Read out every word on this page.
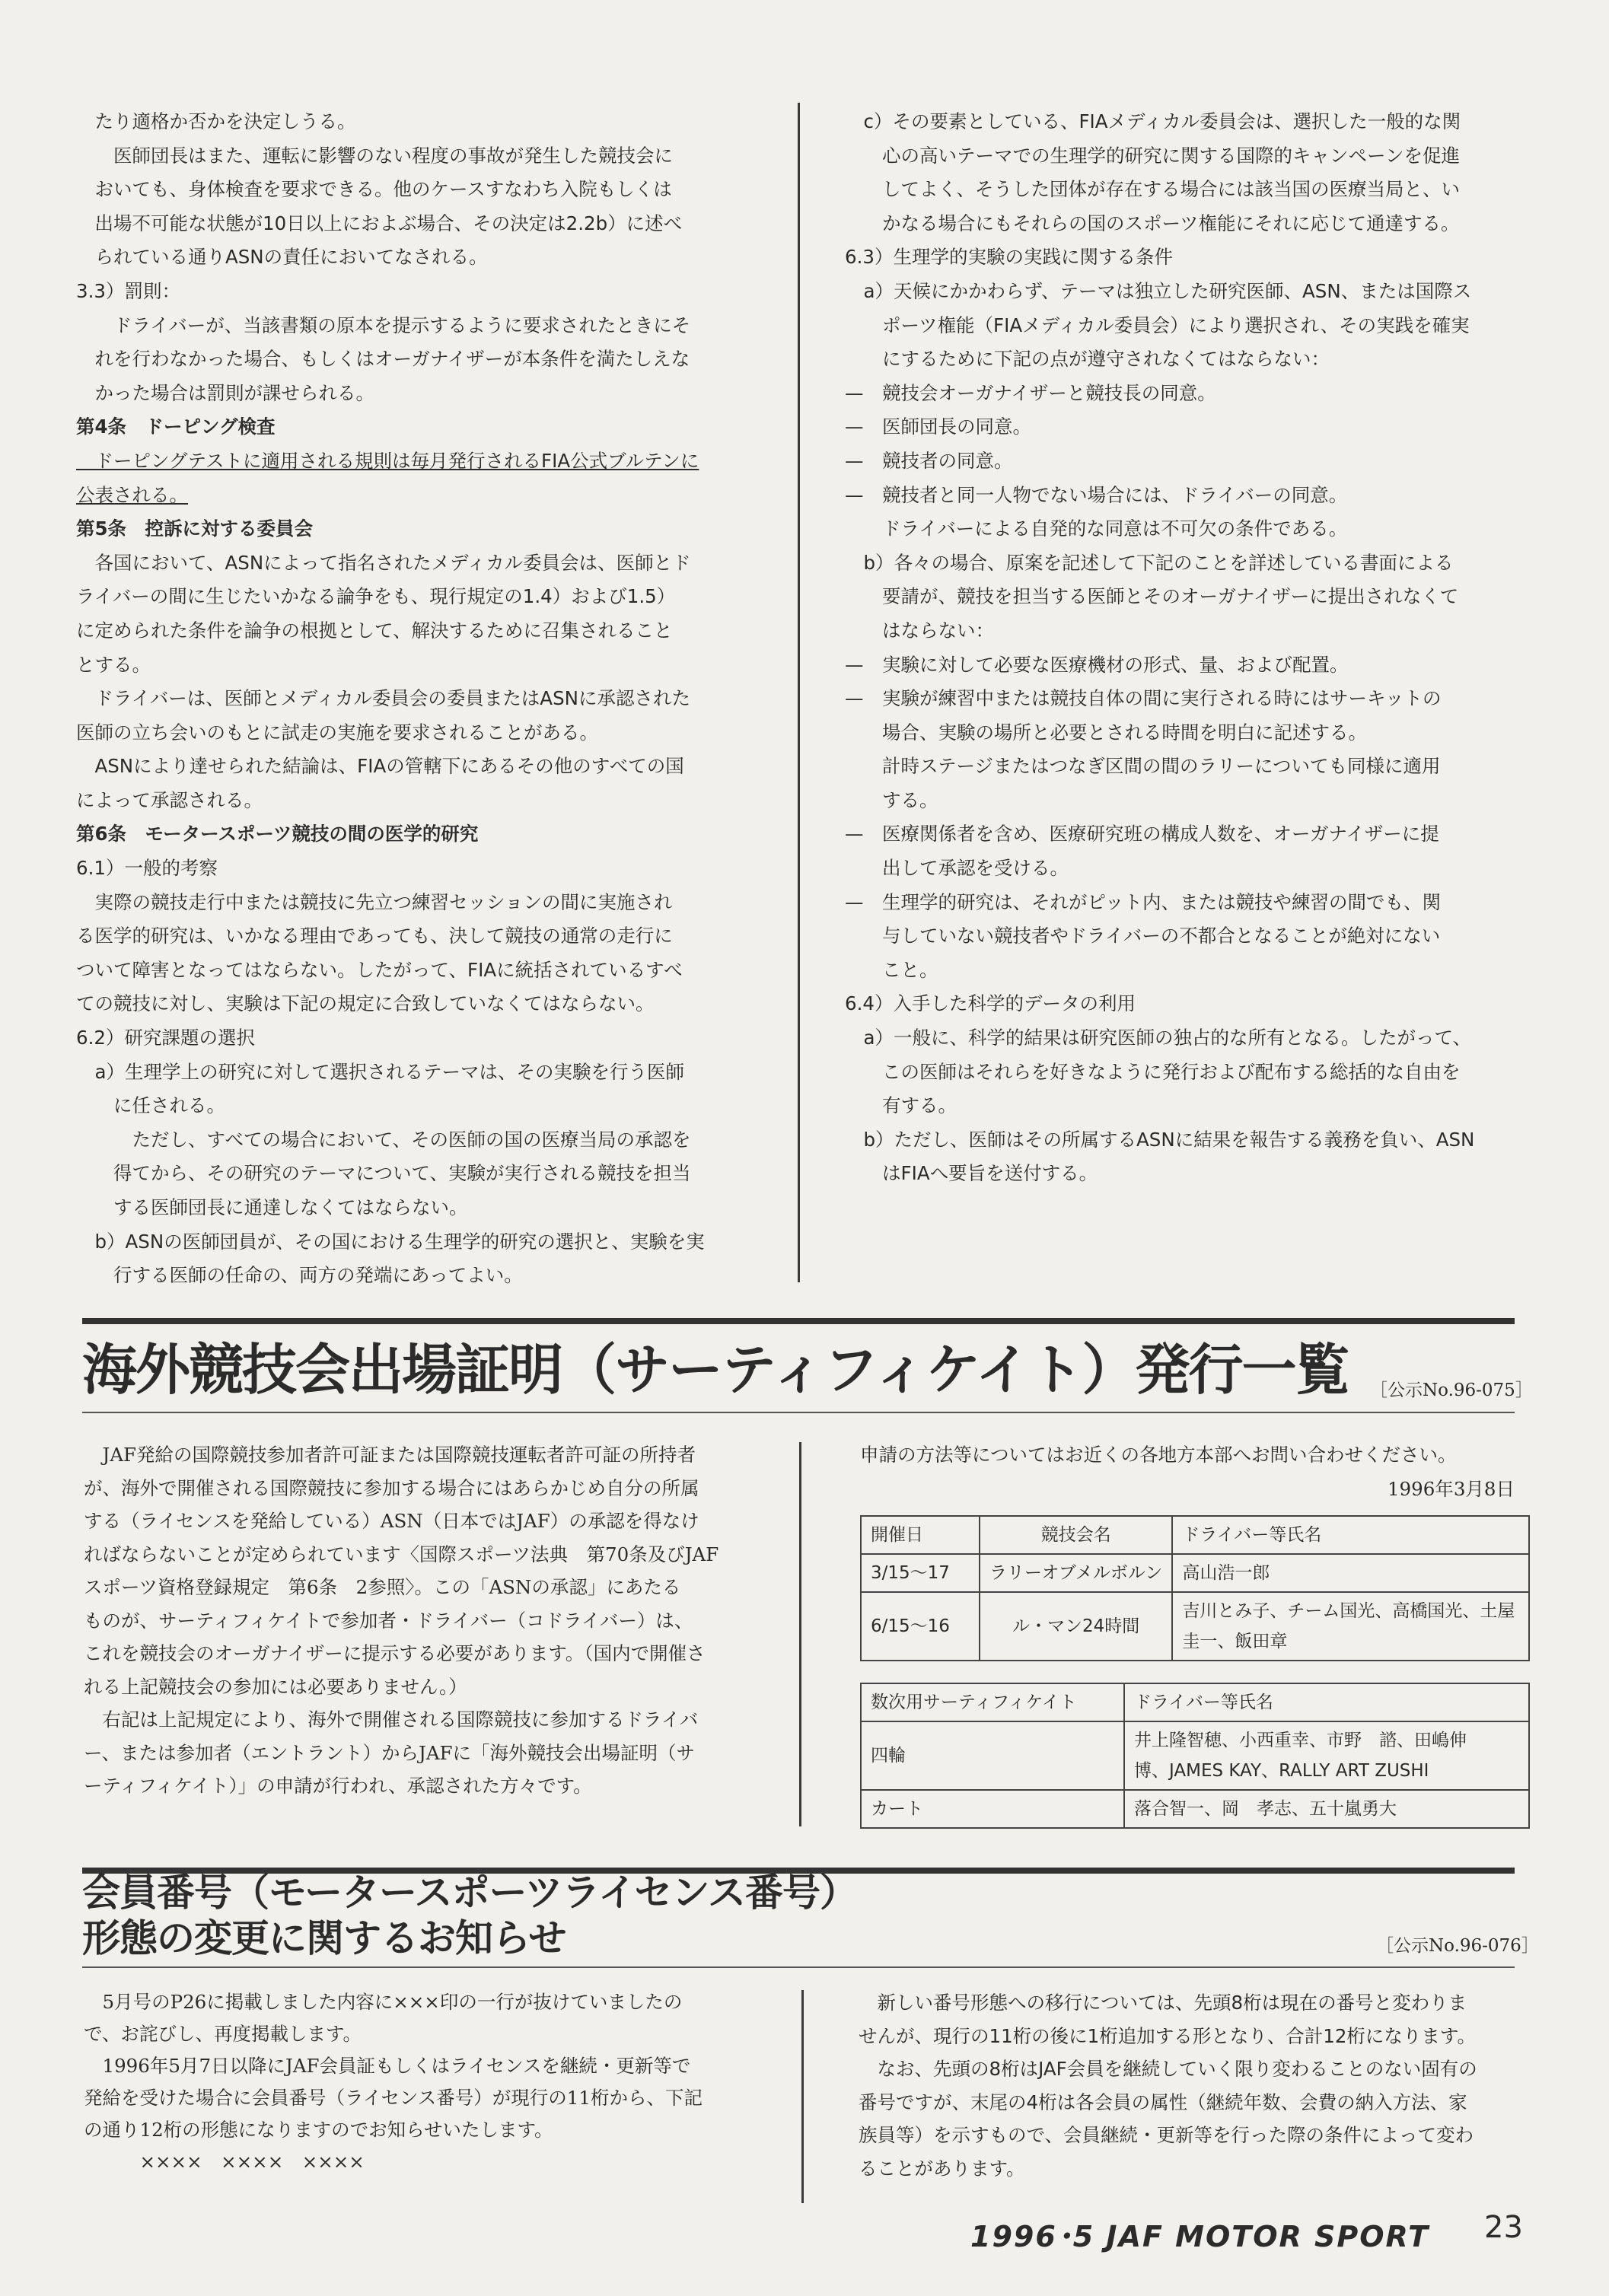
　たり適格か否かを決定しうる。

　　医師団長はまた、運転に影響のない程度の事故が発生した競技会に

　おいても、身体検査を要求できる。他のケースすなわち入院もしくは

　出場不可能な状態が10日以上におよぶ場合、その決定は2.2b）に述べ

　られている通りASNの責任においてなされる。

3.3）罰則：

　　ドライバーが、当該書類の原本を提示するように要求されたときにそ

　れを行わなかった場合、もしくはオーガナイザーが本条件を満たしえな

　かった場合は罰則が課せられる。

第4条　ドーピング検査

　ドーピングテストに適用される規則は毎月発行されるFIA公式ブルテンに

公表される。

第5条　控訴に対する委員会

　各国において、ASNによって指名されたメディカル委員会は、医師とド

ライバーの間に生じたいかなる論争をも、現行規定の1.4）および1.5）

に定められた条件を論争の根拠として、解決するために召集されること

とする。

　ドライバーは、医師とメディカル委員会の委員またはASNに承認された

医師の立ち会いのもとに試走の実施を要求されることがある。

　ASNにより達せられた結論は、FIAの管轄下にあるその他のすべての国

によって承認される。

第6条　モータースポーツ競技の間の医学的研究

6.1）一般的考察

　実際の競技走行中または競技に先立つ練習セッションの間に実施され

る医学的研究は、いかなる理由であっても、決して競技の通常の走行に

ついて障害となってはならない。したがって、FIAに統括されているすべ

ての競技に対し、実験は下記の規定に合致していなくてはならない。

6.2）研究課題の選択

　a）生理学上の研究に対して選択されるテーマは、その実験を行う医師

　　に任される。

　　　ただし、すべての場合において、その医師の国の医療当局の承認を

　　得てから、その研究のテーマについて、実験が実行される競技を担当

　　する医師団長に通達しなくてはならない。

　b）ASNの医師団員が、その国における生理学的研究の選択と、実験を実

　　行する医師の任命の、両方の発端にあってよい。

　c）その要素としている、FIAメディカル委員会は、選択した一般的な関

　　心の高いテーマでの生理学的研究に関する国際的キャンペーンを促進

　　してよく、そうした団体が存在する場合には該当国の医療当局と、い

　　かなる場合にもそれらの国のスポーツ権能にそれに応じて通達する。

6.3）生理学的実験の実践に関する条件

　a）天候にかかわらず、テーマは独立した研究医師、ASN、または国際ス

　　ポーツ権能（FIAメディカル委員会）により選択され、その実践を確実

　　にするために下記の点が遵守されなくてはならない：

—　競技会オーガナイザーと競技長の同意。

—　医師団長の同意。

—　競技者の同意。

—　競技者と同一人物でない場合には、ドライバーの同意。

　　ドライバーによる自発的な同意は不可欠の条件である。

　b）各々の場合、原案を記述して下記のことを詳述している書面による

　　要請が、競技を担当する医師とそのオーガナイザーに提出されなくて

　　はならない：

—　実験に対して必要な医療機材の形式、量、および配置。

—　実験が練習中または競技自体の間に実行される時にはサーキットの

　　場合、実験の場所と必要とされる時間を明白に記述する。

　　計時ステージまたはつなぎ区間の間のラリーについても同様に適用

　　する。

—　医療関係者を含め、医療研究班の構成人数を、オーガナイザーに提

　　出して承認を受ける。

—　生理学的研究は、それがピット内、または競技や練習の間でも、関

　　与していない競技者やドライバーの不都合となることが絶対にない

　　こと。

6.4）入手した科学的データの利用

　a）一般に、科学的結果は研究医師の独占的な所有となる。したがって、

　　この医師はそれらを好きなように発行および配布する総括的な自由を

　　有する。

　b）ただし、医師はその所属するASNに結果を報告する義務を負い、ASN

　　はFIAへ要旨を送付する。

海外競技会出場証明（サーティフィケイト）発行一覧 ［公示No.96-075］

　JAF発給の国際競技参加者許可証または国際競技運転者許可証の所持者

が、海外で開催される国際競技に参加する場合にはあらかじめ自分の所属

する（ライセンスを発給している）ASN（日本ではJAF）の承認を得なけ

ればならないことが定められています〈国際スポーツ法典　第70条及びJAF

スポーツ資格登録規定　第6条　2参照〉。この「ASNの承認」にあたる

ものが、サーティフィケイトで参加者・ドライバー（コドライバー）は、

これを競技会のオーガナイザーに提示する必要があります。（国内で開催さ

れる上記競技会の参加には必要ありません。）

　右記は上記規定により、海外で開催される国際競技に参加するドライバ

ー、または参加者（エントラント）からJAFに「海外競技会出場証明（サ

ーティフィケイト）」の申請が行われ、承認された方々です。

申請の方法等についてはお近くの各地方本部へお問い合わせください。

1996年3月8日

開催日	競技会名	ドライバー等氏名
3/15〜17	ラリーオブメルボルン	高山浩一郎
6/15〜16	ル・マン24時間	吉川とみ子、チーム国光、高橋国光、土屋
圭一、飯田章
数次用サーティフィケイト	ドライバー等氏名
四輪	井上隆智穂、小西重幸、市野　諮、田嶋伸
博、JAMES KAY、RALLY ART ZUSHI

カート	落合智一、岡　孝志、五十嵐勇大
会員番号（モータースポーツライセンス番号）
形態の変更に関するお知らせ	［公示No.96-076］

　5月号のP26に掲載しました内容に×××印の一行が抜けていましたの

で、お詫びし、再度掲載します。

　1996年5月7日以降にJAF会員証もしくはライセンスを継続・更新等で

発給を受けた場合に会員番号（ライセンス番号）が現行の11桁から、下記

の通り12桁の形態になりますのでお知らせいたします。

　　　××××　××××　××××

　新しい番号形態への移行については、先頭8桁は現在の番号と変わりま

せんが、現行の11桁の後に1桁追加する形となり、合計12桁になります。

　なお、先頭の8桁はJAF会員を継続していく限り変わることのない固有の

番号ですが、末尾の4桁は各会員の属性（継続年数、会費の納入方法、家

族員等）を示すもので、会員継続・更新等を行った際の条件によって変わ

ることがあります。

1996･5 JAF MOTOR SPORT 23
